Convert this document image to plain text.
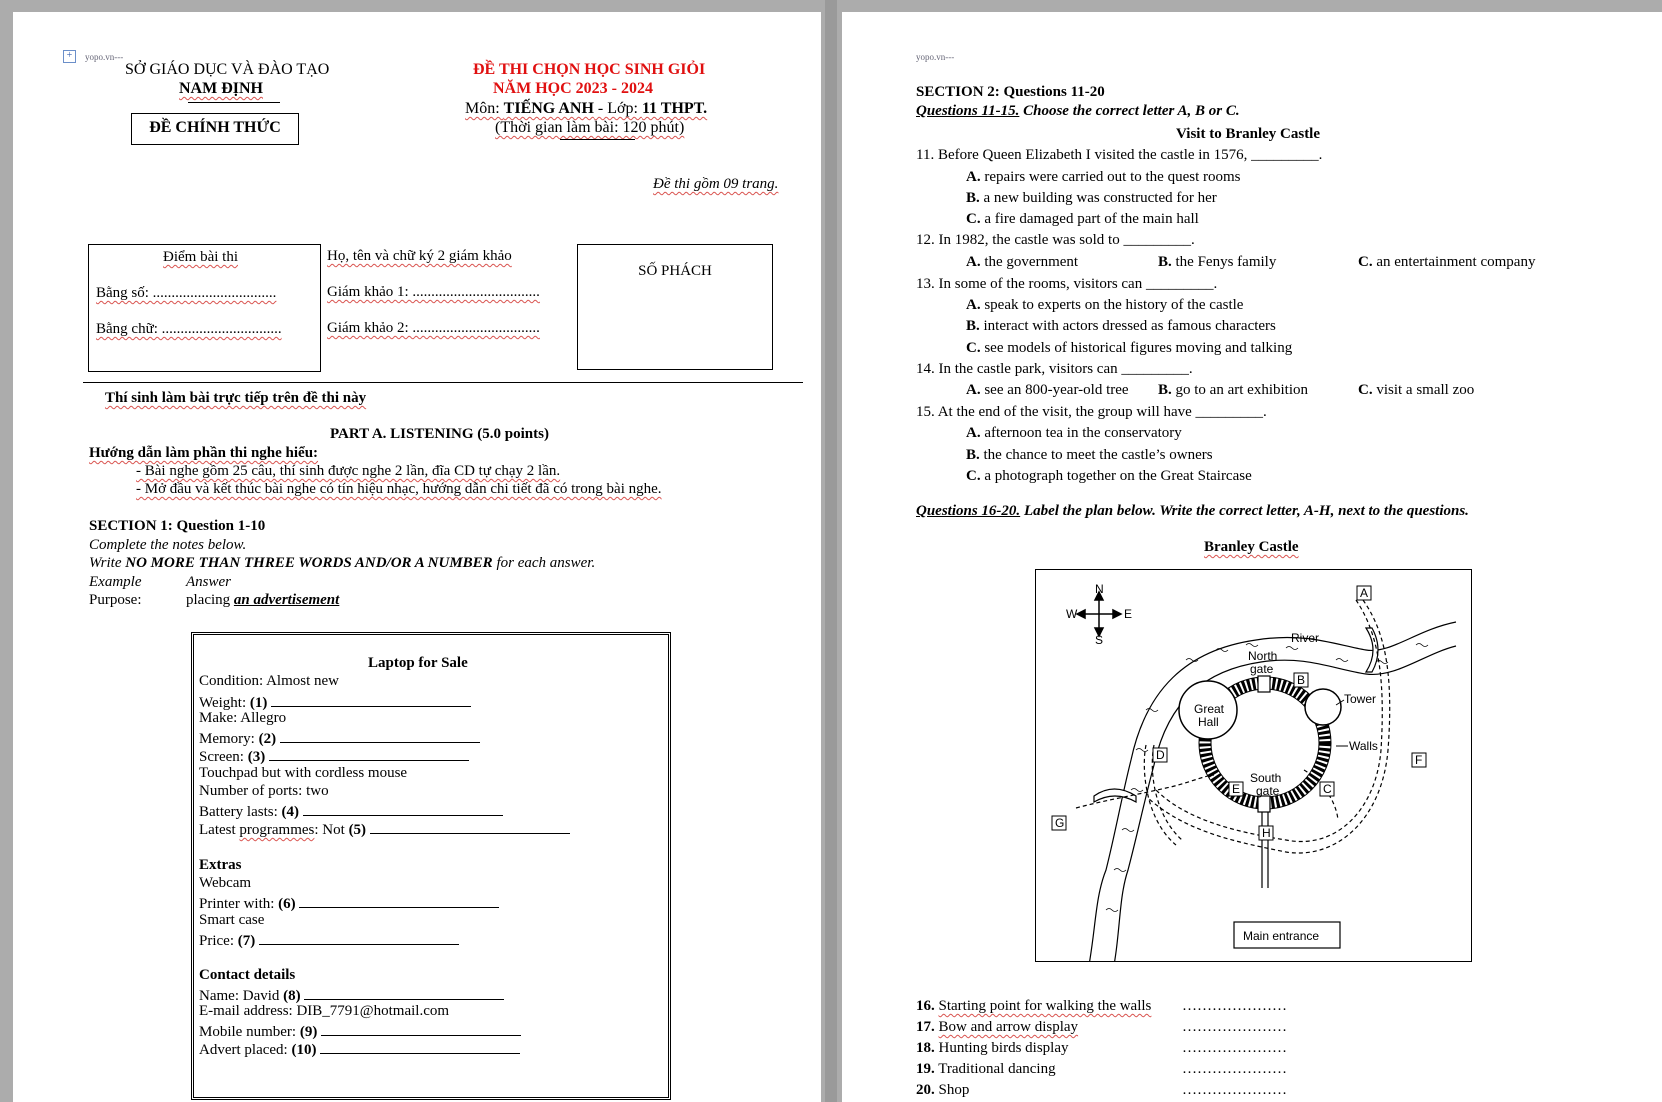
+	yopo.vn---
SỞ GIÁO DỤC VÀ ĐÀO TẠO
NAM ĐỊNH
ĐỀ CHÍNH THỨC
ĐỀ THI CHỌN HỌC SINH GIỎI
NĂM HỌC 2023 - 2024
Môn: TIẾNG ANH - Lớp: 11 THPT.
(Thời gian làm bài: 120 phút)
Đề thi gồm 09 trang.
Điểm bài thi
Bằng số: .................................
Bằng chữ: ................................
Họ, tên và chữ ký 2 giám khảo
Giám khảo 1: ..................................
Giám khảo 2: ..................................
SỐ PHÁCH
Thí sinh làm bài trực tiếp trên đề thi này
PART A. LISTENING (5.0 points)
Hướng dẫn làm phần thi nghe hiểu:
- Bài nghe gồm 25 câu, thí sinh được nghe 2 lần, đĩa CD tự chạy 2 lần.
- Mở đầu và kết thúc bài nghe có tín hiệu nhạc, hướng dẫn chi tiết đã có trong bài nghe.
SECTION 1: Question 1-10
Complete the notes below.
Write NO MORE THAN THREE WORDS AND/OR A NUMBER for each answer.
Example	Answer
Purpose:	placing an advertisement
Laptop for Sale
Condition: Almost new
Weight: (1)
Make: Allegro
Memory: (2)
Screen: (3)
Touchpad but with cordless mouse
Number of ports: two
Battery lasts: (4)
Latest programmes: Not (5)
Extras
Webcam
Printer with: (6)
Smart case
Price: (7)
Contact details
Name: David (8)
E-mail address: DIB_7791@hotmail.com
Mobile number: (9)
Advert placed: (10)
yopo.vn---
SECTION 2: Questions 11-20
Questions 11-15. Choose the correct letter A, B or C.
Visit to Branley Castle
11. Before Queen Elizabeth I visited the castle in 1576, _________.
A. repairs were carried out to the quest rooms
B. a new building was constructed for her
C. a fire damaged part of the main hall
12. In 1982, the castle was sold to _________.
A. the government	B. the Fenys family	C. an entertainment company
13. In some of the rooms, visitors can _________.
A. speak to experts on the history of the castle
B. interact with actors dressed as famous characters
C. see models of historical figures moving and talking
14. In the castle park, visitors can _________.
A. see an 800-year-old tree B. go to an art exhibition	C. visit a small zoo
15. At the end of the visit, the group will have _________.
A. afternoon tea in the conservatory
B. the chance to meet the castle’s owners
C. a photograph together on the Great Staircase
Questions 16-20. Label the plan below. Write the correct letter, A-H, next to the questions.
Branley Castle
N
S
W	E
River
North
gate
Great
Hall
Tower
Walls
South
gate
A
B
C
D
E
F
G
H
Main entrance
16. Starting point for walking the walls …………………
17. Bow and arrow display	…………………
18. Hunting birds display	…………………
19. Traditional dancing	…………………
20. Shop	…………………
